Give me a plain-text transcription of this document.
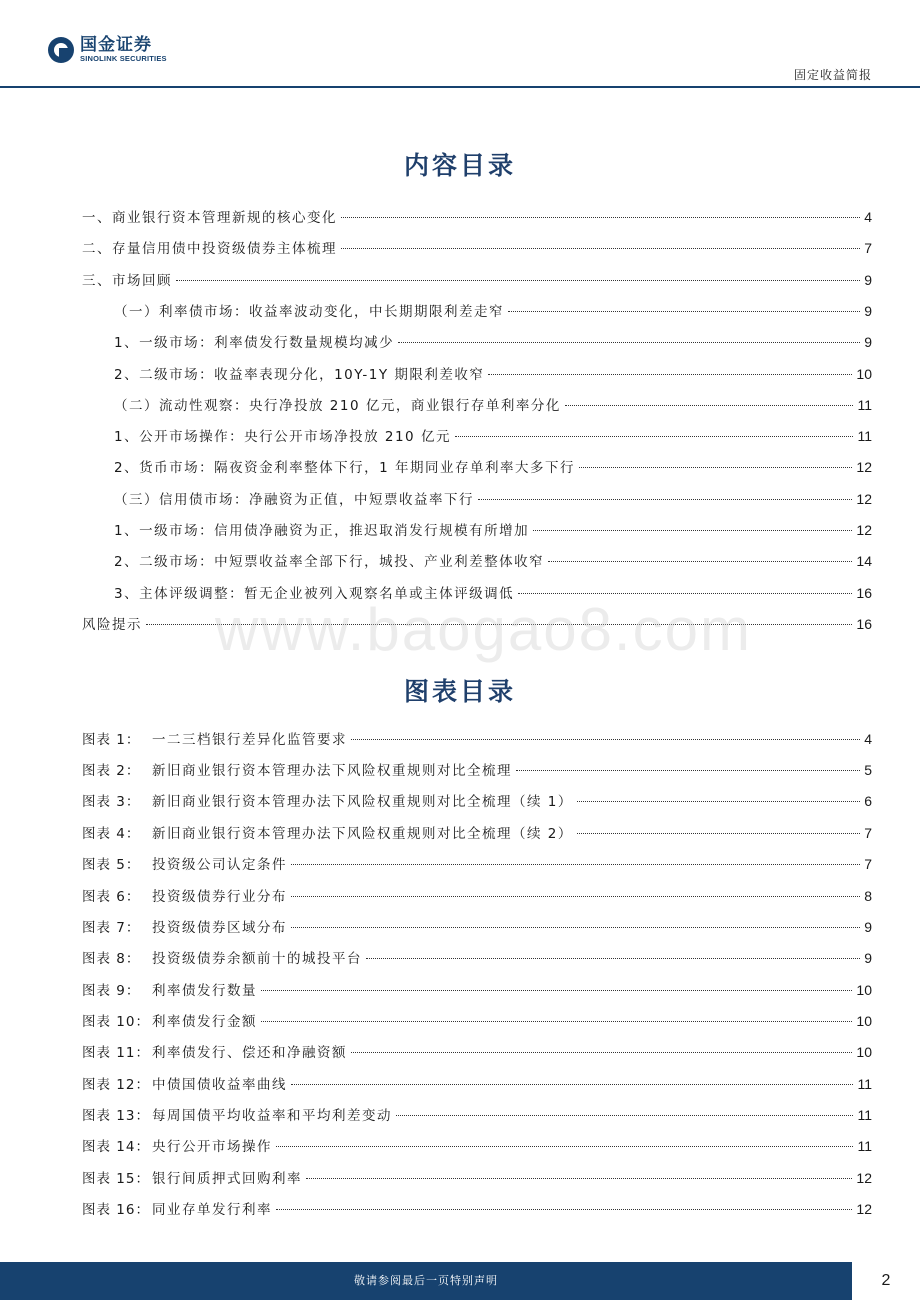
国金证券
SINOLINK SECURITIES
固定收益简报
内容目录
一、商业银行资本管理新规的核心变化	4
二、存量信用债中投资级债券主体梳理	7
三、市场回顾	9
（一）利率债市场：收益率波动变化，中长期期限利差走窄	9
1、一级市场：利率债发行数量规模均减少	9
2、二级市场：收益率表现分化，10Y-1Y 期限利差收窄	10
（二）流动性观察：央行净投放 210 亿元，商业银行存单利率分化	11
1、公开市场操作：央行公开市场净投放 210 亿元	11
2、货币市场：隔夜资金利率整体下行，1 年期同业存单利率大多下行	12
（三）信用债市场：净融资为正值，中短票收益率下行	12
1、一级市场：信用债净融资为正，推迟取消发行规模有所增加	12
2、二级市场：中短票收益率全部下行，城投、产业利差整体收窄	14
3、主体评级调整：暂无企业被列入观察名单或主体评级调低	16
风险提示	16
www.baogao8.com
图表目录
图表 1： 一二三档银行差异化监管要求	4
图表 2： 新旧商业银行资本管理办法下风险权重规则对比全梳理	5
图表 3： 新旧商业银行资本管理办法下风险权重规则对比全梳理（续 1）	6
图表 4： 新旧商业银行资本管理办法下风险权重规则对比全梳理（续 2）	7
图表 5： 投资级公司认定条件	7
图表 6： 投资级债券行业分布	8
图表 7： 投资级债券区域分布	9
图表 8： 投资级债券余额前十的城投平台	9
图表 9： 利率债发行数量	10
图表 10： 利率债发行金额	10
图表 11： 利率债发行、偿还和净融资额	10
图表 12： 中债国债收益率曲线	11
图表 13： 每周国债平均收益率和平均利差变动	11
图表 14： 央行公开市场操作	11
图表 15： 银行间质押式回购利率	12
图表 16： 同业存单发行利率	12
敬请参阅最后一页特别声明	2
